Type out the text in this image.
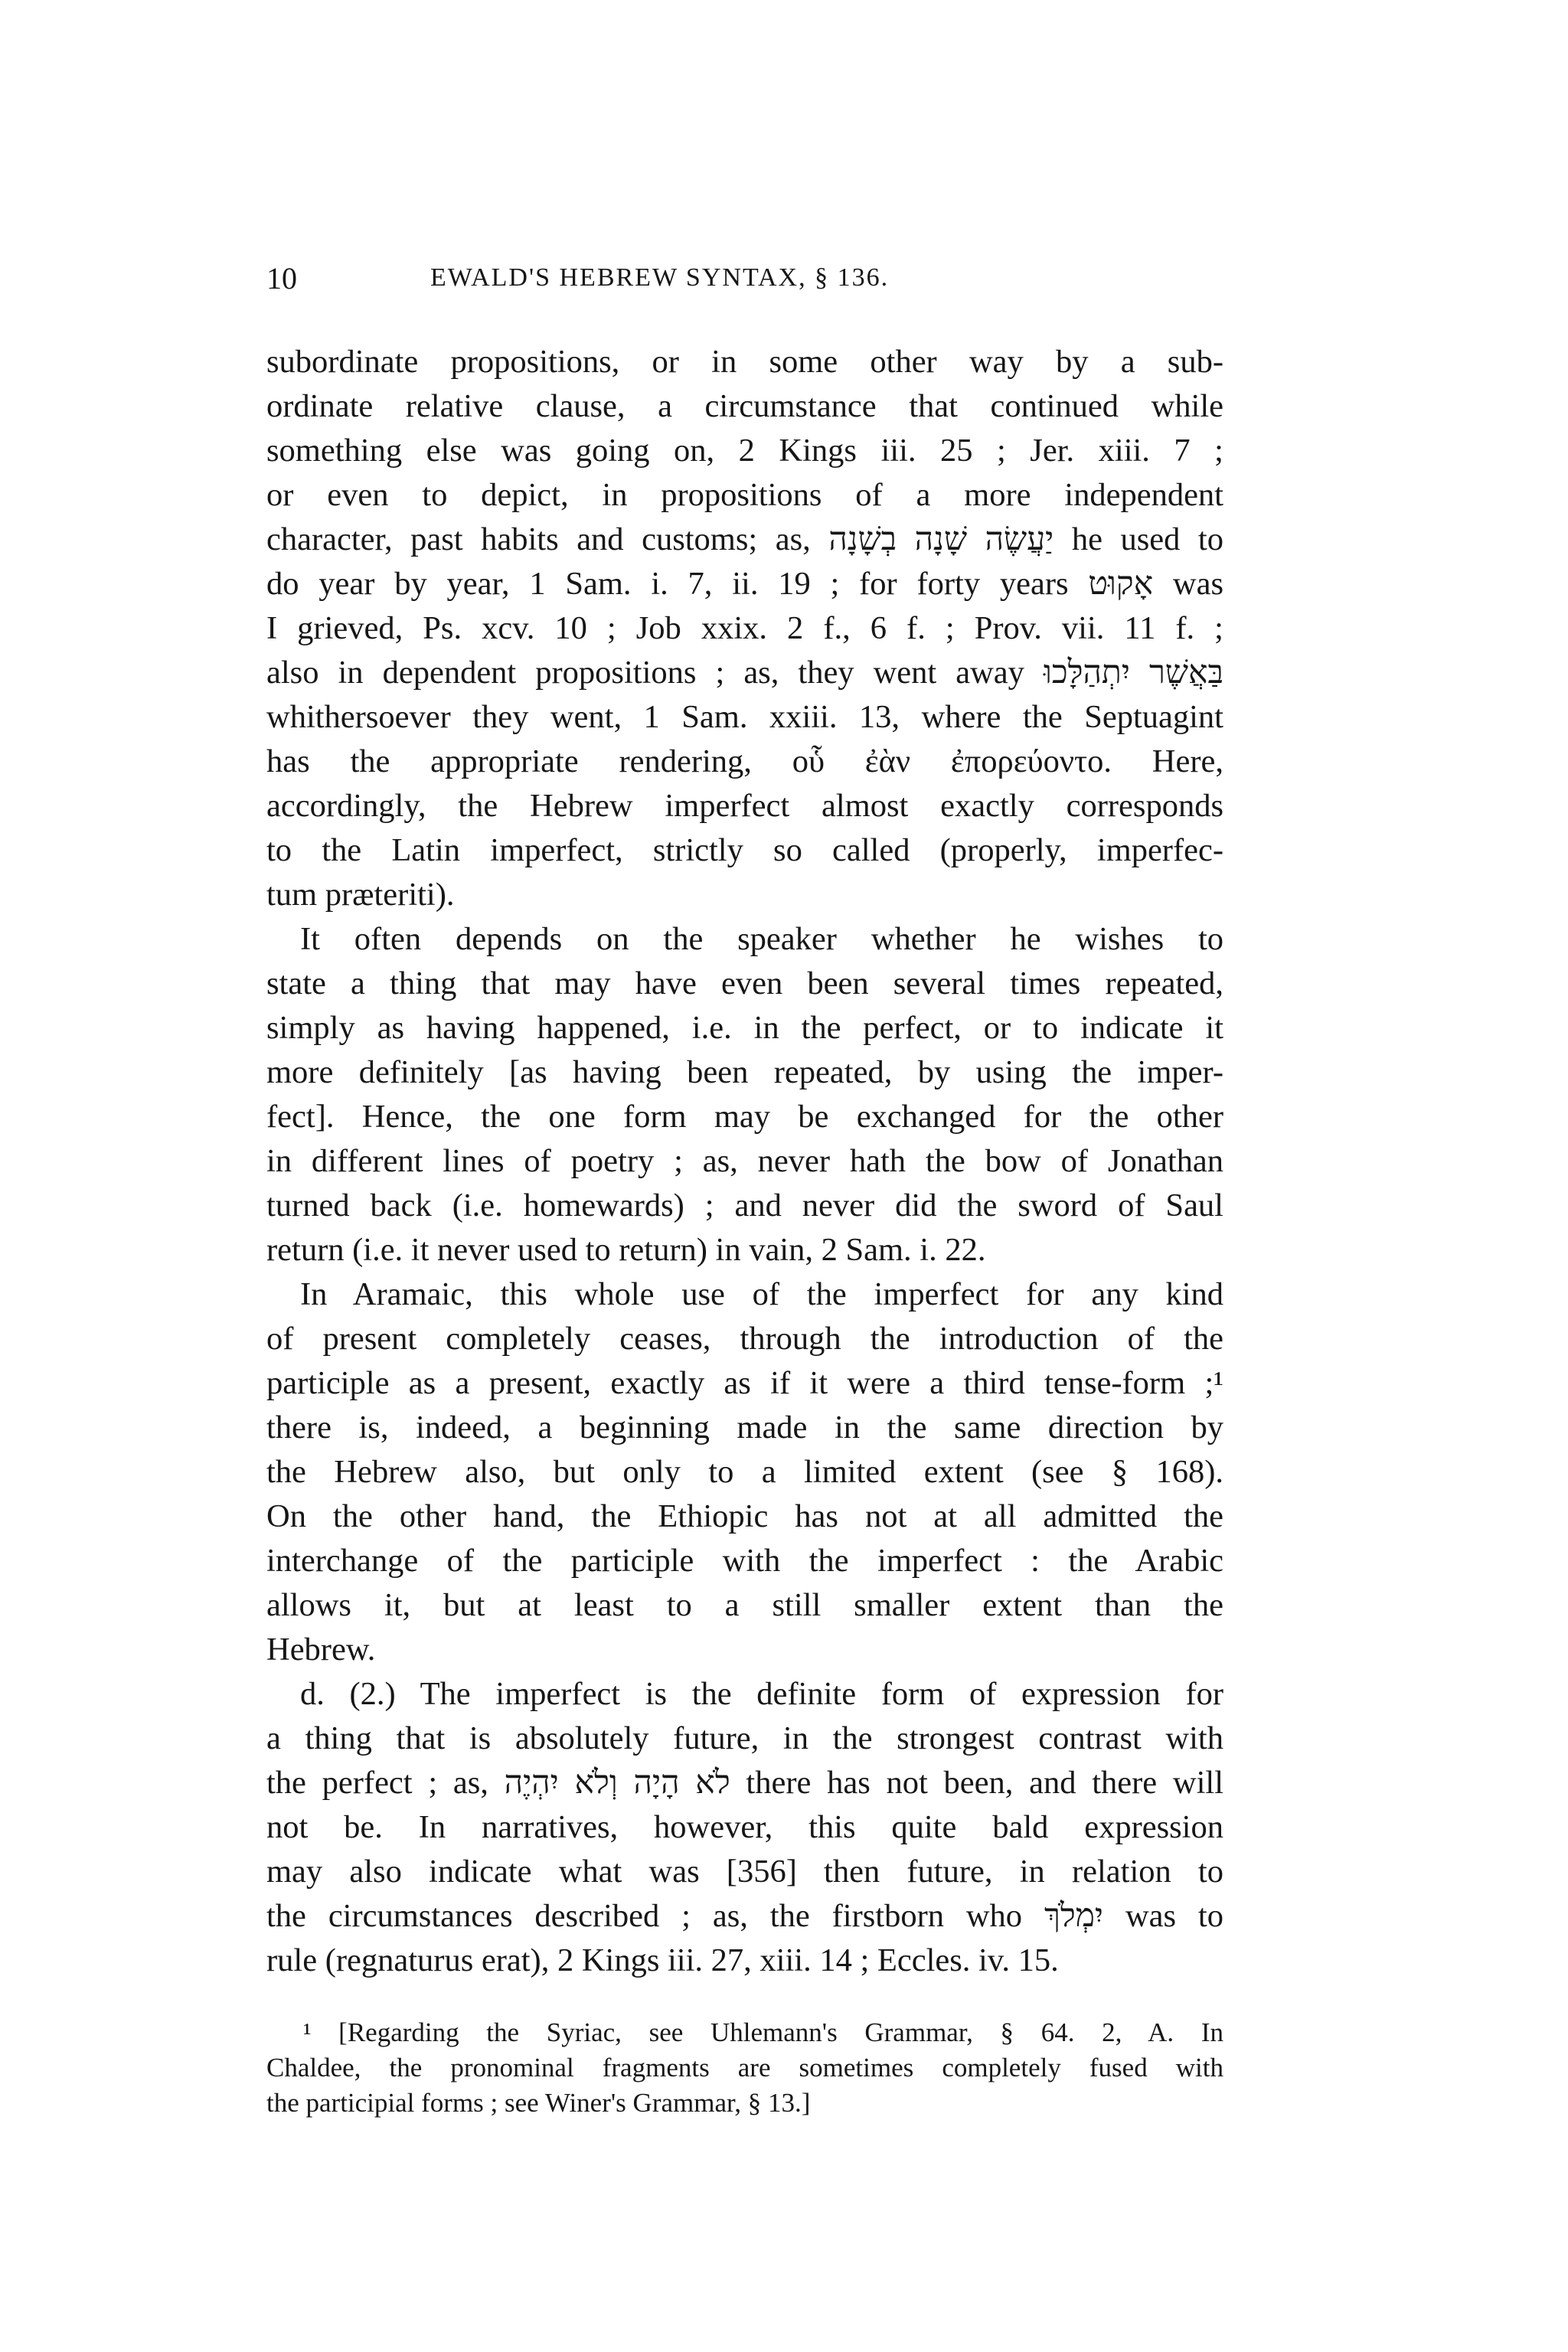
10	EWALD'S HEBREW SYNTAX, § 136.
subordinate propositions, or in some other way by a sub-
ordinate relative clause, a circumstance that continued while
something else was going on, 2 Kings iii. 25 ; Jer. xiii. 7 ;
or even to depict, in propositions of a more independent
character, past habits and customs; as, יַעֲשֶׂה שָׁנָה בְשָׁנָה he used to
do year by year, 1 Sam. i. 7, ii. 19 ; for forty years אָקוּט was
I grieved, Ps. xcv. 10 ; Job xxix. 2 f., 6 f. ; Prov. vii. 11 f. ;
also in dependent propositions ; as, they went away בַּאֲשֶׁר יִתְהַלָּכוּ
whithersoever they went, 1 Sam. xxiii. 13, where the Septuagint
has the appropriate rendering, οὗ ἐὰν ἐπορεύοντο. Here,
accordingly, the Hebrew imperfect almost exactly corresponds
to the Latin imperfect, strictly so called (properly, imperfec-
tum præteriti).
It often depends on the speaker whether he wishes to
state a thing that may have even been several times repeated,
simply as having happened, i.e. in the perfect, or to indicate it
more definitely [as having been repeated, by using the imper-
fect]. Hence, the one form may be exchanged for the other
in different lines of poetry ; as, never hath the bow of Jonathan
turned back (i.e. homewards) ; and never did the sword of Saul
return (i.e. it never used to return) in vain, 2 Sam. i. 22.
In Aramaic, this whole use of the imperfect for any kind
of present completely ceases, through the introduction of the
participle as a present, exactly as if it were a third tense-form ;¹
there is, indeed, a beginning made in the same direction by
the Hebrew also, but only to a limited extent (see § 168).
On the other hand, the Ethiopic has not at all admitted the
interchange of the participle with the imperfect : the Arabic
allows it, but at least to a still smaller extent than the
Hebrew.
d. (2.) The imperfect is the definite form of expression for
a thing that is absolutely future, in the strongest contrast with
the perfect ; as, לֹא הָיָה וְלֹא יִהְיֶה there has not been, and there will
not be. In narratives, however, this quite bald expression
may also indicate what was [356] then future, in relation to
the circumstances described ; as, the firstborn who יִמְלֹךְ was to
rule (regnaturus erat), 2 Kings iii. 27, xiii. 14 ; Eccles. iv. 15.
¹ [Regarding the Syriac, see Uhlemann's Grammar, § 64. 2, A. In
Chaldee, the pronominal fragments are sometimes completely fused with
the participial forms ; see Winer's Grammar, § 13.]
